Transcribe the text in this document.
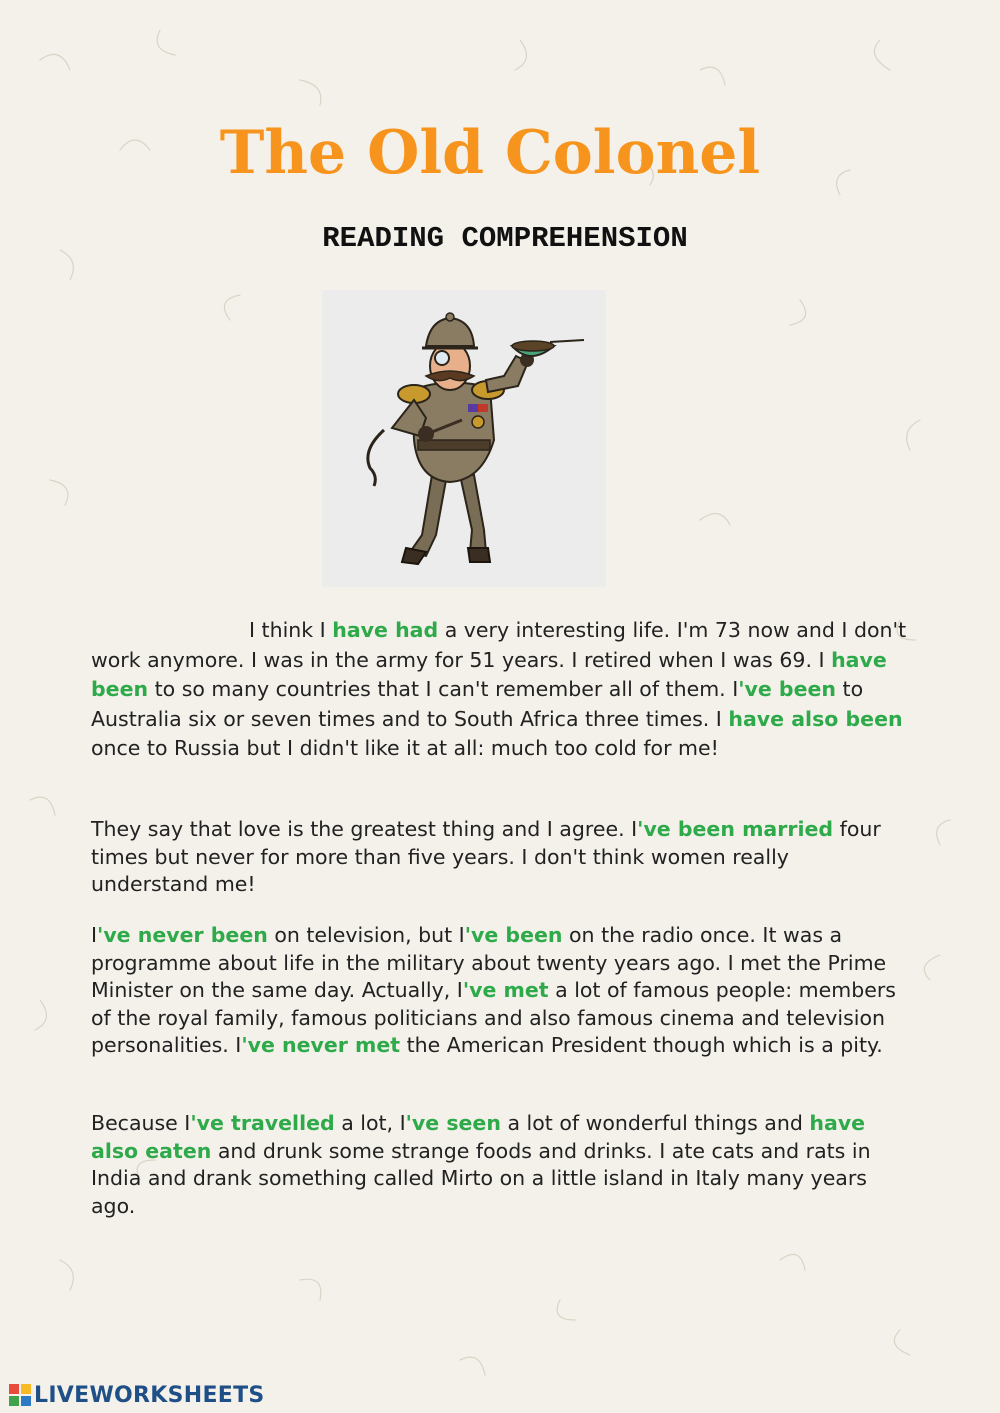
The Old Colonel
READING COMPREHENSION

I think I have had a very interesting life. I'm 73 now and I don't work anymore. I was in the army for 51 years. I retired when I was 69. I have been to so many countries that I can't remember all of them. I've been to Australia six or seven times and to South Africa three times. I have also been once to Russia but I didn't like it at all: much too cold for me!

They say that love is the greatest thing and I agree. I've been married four times but never for more than five years. I don't think women really understand me!

I've never been on television, but I've been on the radio once. It was a programme about life in the military about twenty years ago. I met the Prime Minister on the same day. Actually, I've met a lot of famous people: members of the royal family, famous politicians and also famous cinema and television personalities. I've never met the American President though which is a pity.

Because I've travelled a lot, I've seen a lot of wonderful things and have also eaten and drunk some strange foods and drinks. I ate cats and rats in India and drank something called Mirto on a little island in Italy many years ago.

LIVEWORKSHEETS
